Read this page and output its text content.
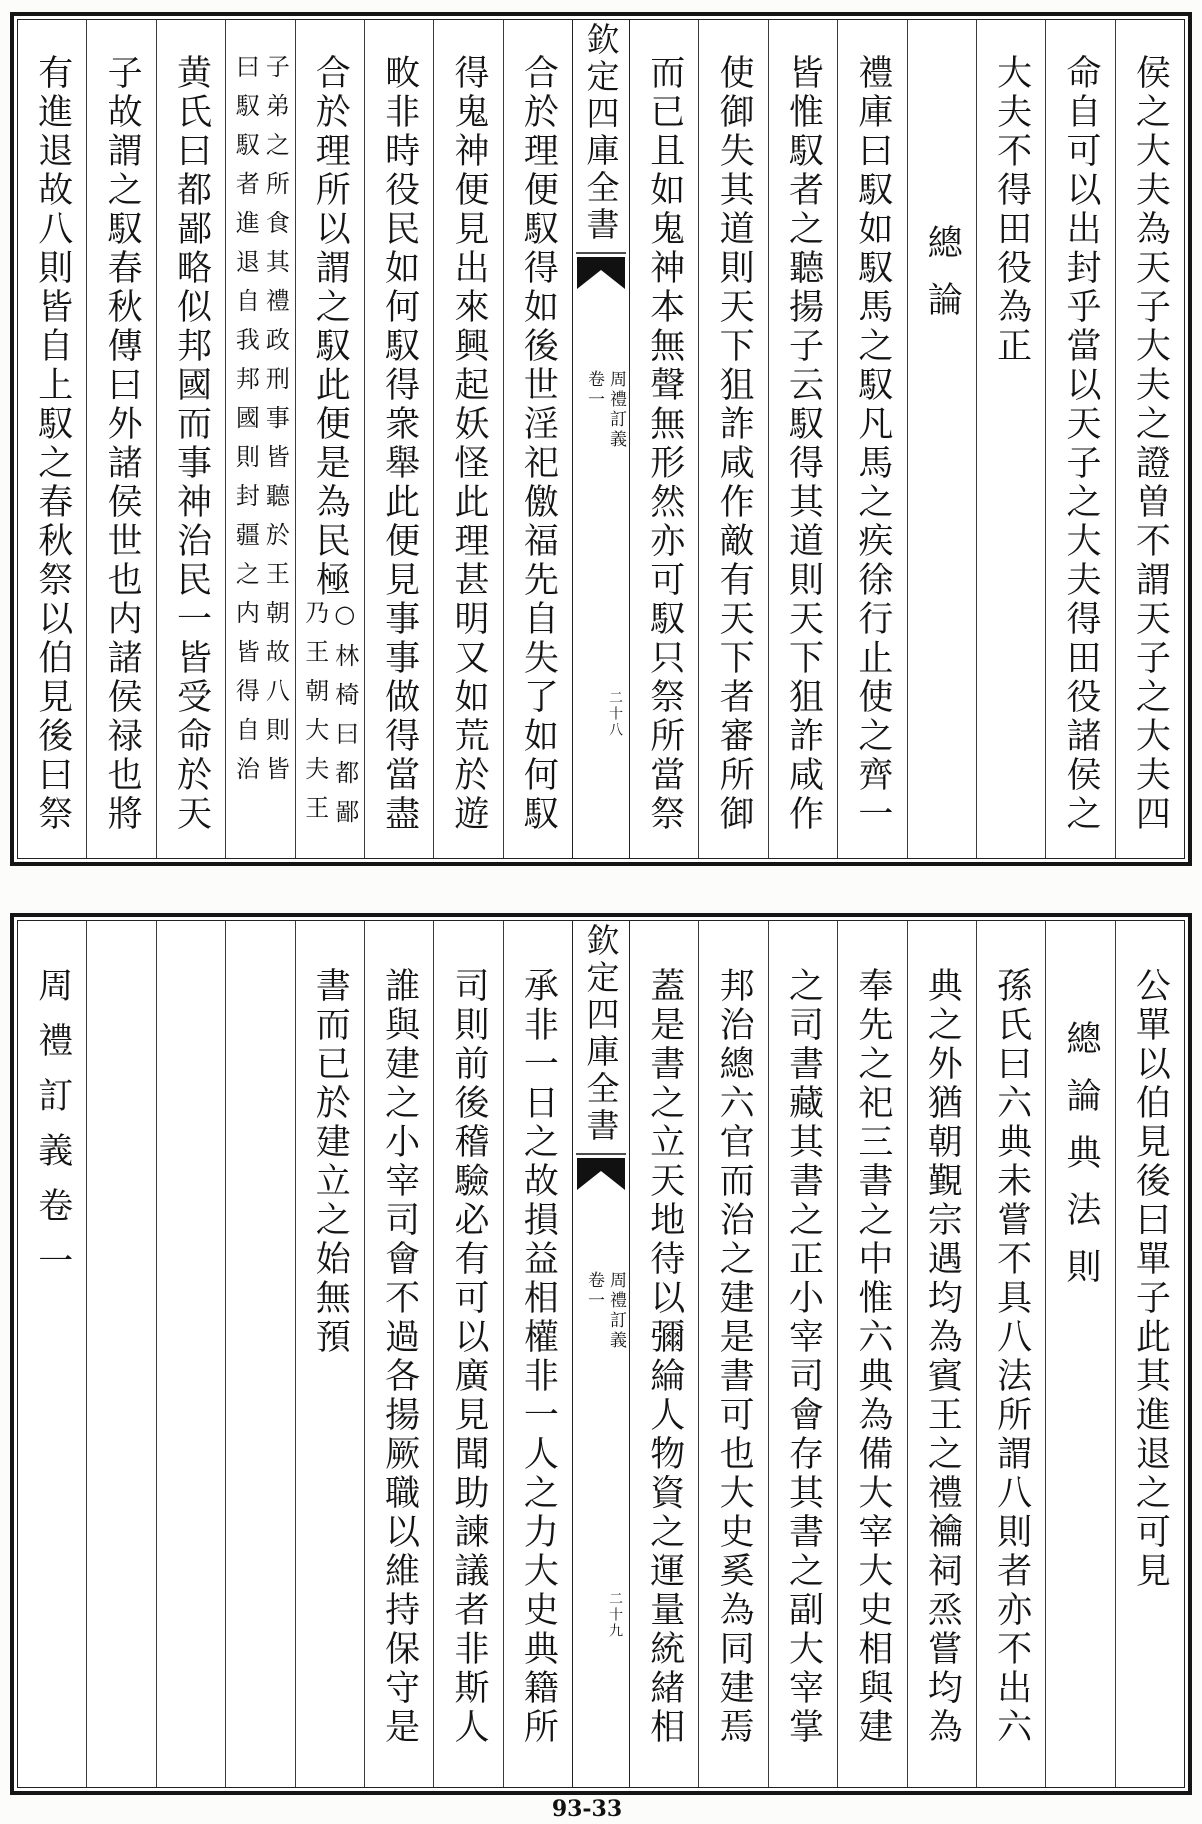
侯之大夫為天子大夫之證曽不謂天子之大夫四
命自可以出封乎當以天子之大夫得田役諸侯之
大夫不得田役為正
總論
禮庫曰馭如馭馬之馭凡馬之疾徐行止使之齊一
皆惟馭者之聽揚子云馭得其道則天下狙詐咸作
使御失其道則天下狙詐咸作敵有天下者審所御
而已且如鬼神本無聲無形然亦可馭只祭所當祭
欽定四庫全書
周禮訂義
卷一
二十八
合於理便馭得如後世淫祀儌福先自失了如何馭
得鬼神便見出來興起妖怪此理甚明又如荒於遊
畋非時役民如何馭得衆舉此便見事事做得當盡
合於理所以謂之馭此便是為民極
○林椅曰都鄙
乃王朝大夫王
子弟之所食其禮政刑事皆聽於王朝故八則皆
曰馭馭者進退自我邦國則封疆之内皆得自治
黄氏曰都鄙略似邦國而事神治民一皆受命於天
子故謂之馭春秋傳曰外諸侯世也内諸侯禄也將
有進退故八則皆自上馭之春秋祭以伯見後曰祭
公單以伯見後曰單子此其進退之可見
總論典法則
孫氏曰六典未嘗不具八法所謂八則者亦不出六
典之外猶朝覲宗遇均為賓王之禮禴祠烝嘗均為
奉先之祀三書之中惟六典為備大宰大史相與建
之司書藏其書之正小宰司會存其書之副大宰掌
邦治總六官而治之建是書可也大史奚為同建焉
蓋是書之立天地待以彌綸人物資之運量統緒相
欽定四庫全書
周禮訂義
卷一
二十九
承非一日之故損益相權非一人之力大史典籍所
司則前後稽驗必有可以廣見聞助諫議者非斯人
誰與建之小宰司會不過各揚厥職以維持保守是
書而已於建立之始無預
周禮訂義卷一
93-33
